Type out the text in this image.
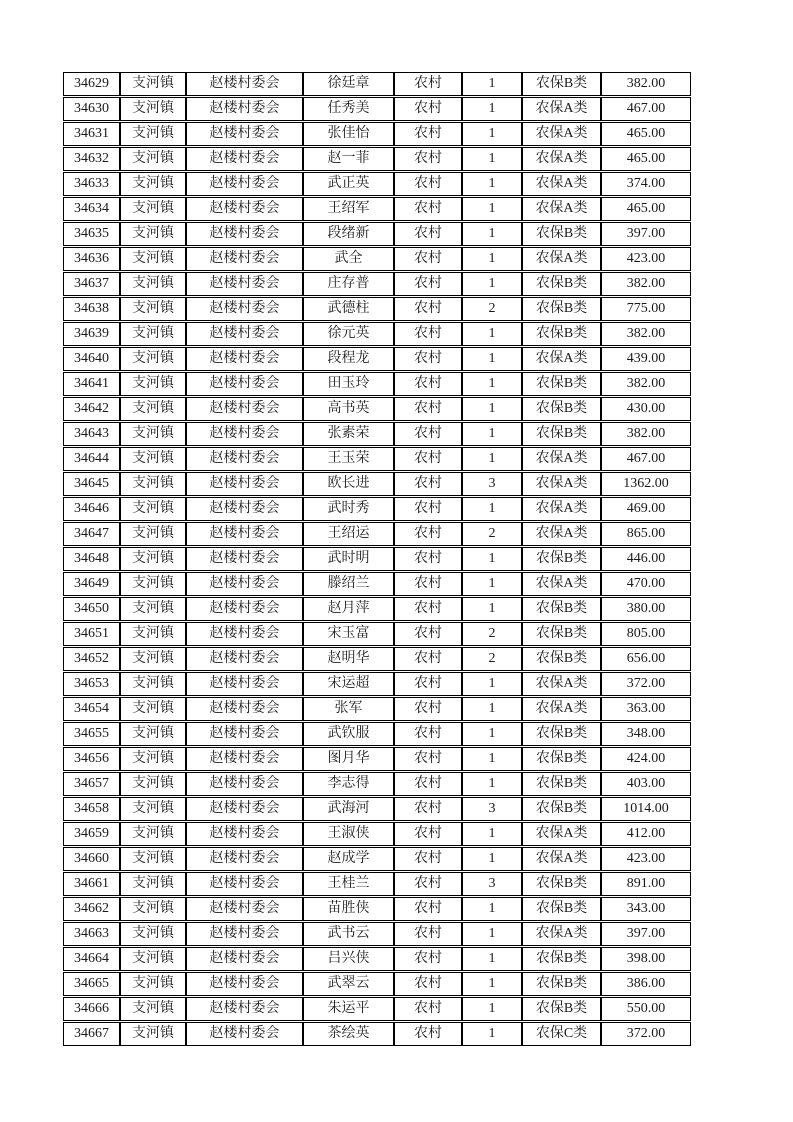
34629	支河镇	赵楼村委会	徐廷章	农村	1	农保B类	382.00
34630	支河镇	赵楼村委会	任秀美	农村	1	农保A类	467.00
34631	支河镇	赵楼村委会	张佳怡	农村	1	农保A类	465.00
34632	支河镇	赵楼村委会	赵一菲	农村	1	农保A类	465.00
34633	支河镇	赵楼村委会	武正英	农村	1	农保A类	374.00
34634	支河镇	赵楼村委会	王绍军	农村	1	农保A类	465.00
34635	支河镇	赵楼村委会	段绪新	农村	1	农保B类	397.00
34636	支河镇	赵楼村委会	武全	农村	1	农保A类	423.00
34637	支河镇	赵楼村委会	庄存普	农村	1	农保B类	382.00
34638	支河镇	赵楼村委会	武德柱	农村	2	农保B类	775.00
34639	支河镇	赵楼村委会	徐元英	农村	1	农保B类	382.00
34640	支河镇	赵楼村委会	段程龙	农村	1	农保A类	439.00
34641	支河镇	赵楼村委会	田玉玲	农村	1	农保B类	382.00
34642	支河镇	赵楼村委会	高书英	农村	1	农保B类	430.00
34643	支河镇	赵楼村委会	张素荣	农村	1	农保B类	382.00
34644	支河镇	赵楼村委会	王玉荣	农村	1	农保A类	467.00
34645	支河镇	赵楼村委会	欧长进	农村	3	农保A类	1362.00
34646	支河镇	赵楼村委会	武时秀	农村	1	农保A类	469.00
34647	支河镇	赵楼村委会	王绍运	农村	2	农保A类	865.00
34648	支河镇	赵楼村委会	武时明	农村	1	农保B类	446.00
34649	支河镇	赵楼村委会	滕绍兰	农村	1	农保A类	470.00
34650	支河镇	赵楼村委会	赵月萍	农村	1	农保B类	380.00
34651	支河镇	赵楼村委会	宋玉富	农村	2	农保B类	805.00
34652	支河镇	赵楼村委会	赵明华	农村	2	农保B类	656.00
34653	支河镇	赵楼村委会	宋运超	农村	1	农保A类	372.00
34654	支河镇	赵楼村委会	张军	农村	1	农保A类	363.00
34655	支河镇	赵楼村委会	武钦服	农村	1	农保B类	348.00
34656	支河镇	赵楼村委会	图月华	农村	1	农保B类	424.00
34657	支河镇	赵楼村委会	李志得	农村	1	农保B类	403.00
34658	支河镇	赵楼村委会	武海河	农村	3	农保B类	1014.00
34659	支河镇	赵楼村委会	王淑侠	农村	1	农保A类	412.00
34660	支河镇	赵楼村委会	赵成学	农村	1	农保A类	423.00
34661	支河镇	赵楼村委会	王桂兰	农村	3	农保B类	891.00
34662	支河镇	赵楼村委会	苗胜侠	农村	1	农保B类	343.00
34663	支河镇	赵楼村委会	武书云	农村	1	农保A类	397.00
34664	支河镇	赵楼村委会	吕兴侠	农村	1	农保B类	398.00
34665	支河镇	赵楼村委会	武翠云	农村	1	农保B类	386.00
34666	支河镇	赵楼村委会	朱运平	农村	1	农保B类	550.00
34667	支河镇	赵楼村委会	茶绘英	农村	1	农保C类	372.00
